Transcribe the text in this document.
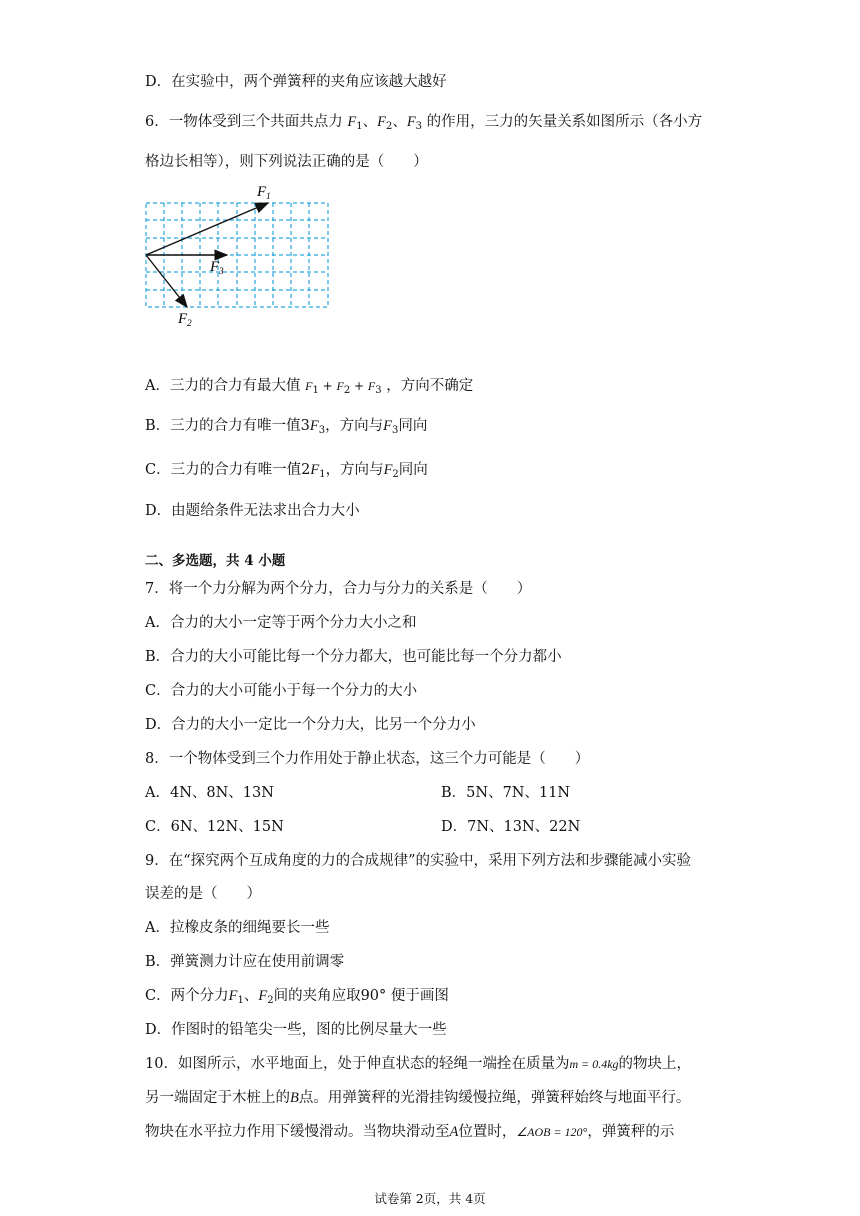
D．在实验中，两个弹簧秤的夹角应该越大越好
6．一物体受到三个共面共点力 $F_1$、$F_2$、$F_3$ 的作用，三力的矢量关系如图所示（各小方
格边长相等），则下列说法正确的是（　　）
$F_1$
$F_3$
$F_2$
A．三力的合力有最大值 $F_1 + F_2 + F_3$ ，方向不确定
B．三力的合力有唯一值$3F_3$，方向与$F_3$同向
C．三力的合力有唯一值$2F_1$，方向与$F_2$同向
D．由题给条件无法求出合力大小
二、多选题，共 4 小题
7．将一个力分解为两个分力，合力与分力的关系是（　　）
A．合力的大小一定等于两个分力大小之和
B．合力的大小可能比每一个分力都大，也可能比每一个分力都小
C．合力的大小可能小于每一个分力的大小
D．合力的大小一定比一个分力大，比另一个分力小
8．一个物体受到三个力作用处于静止状态，这三个力可能是（　　）
A．4N、8N、13N	B．5N、7N、11N
C．6N、12N、15N	D．7N、13N、22N
9．在“探究两个互成角度的力的合成规律”的实验中，采用下列方法和步骤能减小实验
误差的是（　　）
A．拉橡皮条的细绳要长一些
B．弹簧测力计应在使用前调零
C．两个分力$F_1$、$F_2$间的夹角应取90° 便于画图
D．作图时的铅笔尖一些，图的比例尽量大一些
10．如图所示，水平地面上，处于伸直状态的轻绳一端拴在质量为m = 0.4kg的物块上，
另一端固定于木桩上的B点。用弹簧秤的光滑挂钩缓慢拉绳，弹簧秤始终与地面平行。
物块在水平拉力作用下缓慢滑动。当物块滑动至A位置时，∠AOB = 120°，弹簧秤的示
试卷第 2页，共 4页
